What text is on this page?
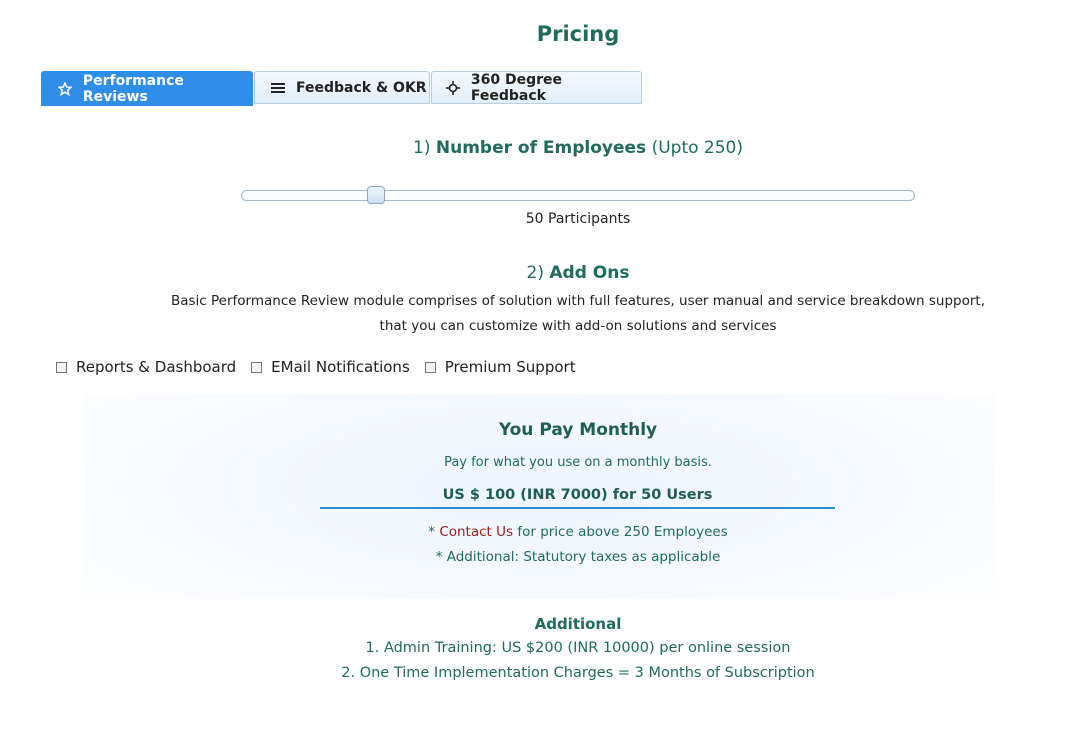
Pricing
Performance Reviews
Feedback & OKR	360 Degree Feedback
1) Number of Employees (Upto 250)
50 Participants
2) Add Ons
Basic Performance Review module comprises of solution with full features, user manual and service breakdown support,
that you can customize with add-on solutions and services
Reports & Dashboard EMail Notifications Premium Support
You Pay Monthly
Pay for what you use on a monthly basis.
US $ 100 (INR 7000) for 50 Users
* Contact Us for price above 250 Employees
* Additional: Statutory taxes as applicable
Additional
1. Admin Training: US $200 (INR 10000) per online session
2. One Time Implementation Charges = 3 Months of Subscription
